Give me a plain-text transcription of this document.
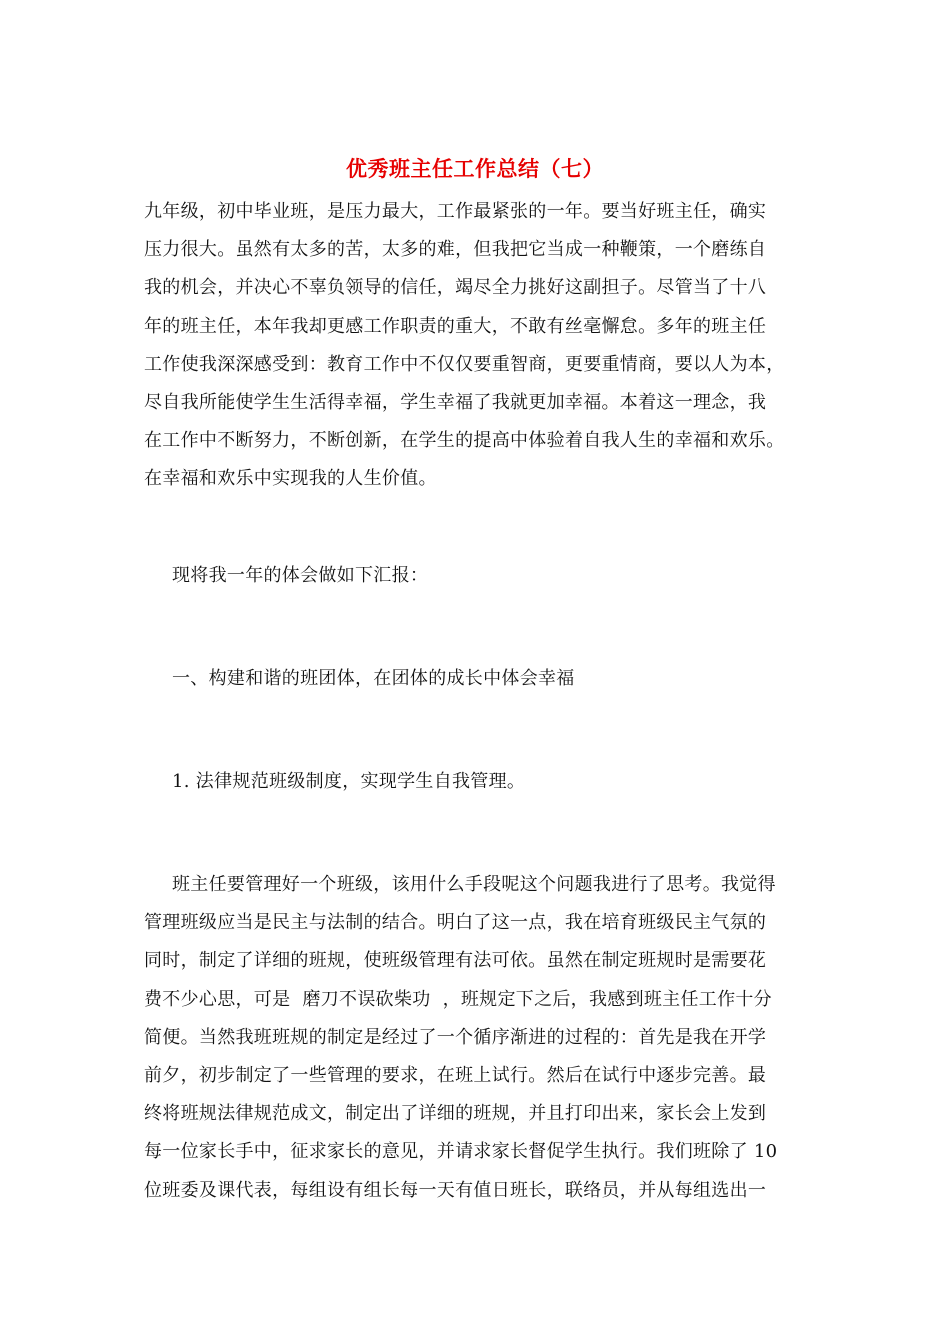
优秀班主任工作总结（七）
九年级，初中毕业班，是压力最大，工作最紧张的一年。要当好班主任，确实
压力很大。虽然有太多的苦，太多的难，但我把它当成一种鞭策，一个磨练自
我的机会，并决心不辜负领导的信任，竭尽全力挑好这副担子。尽管当了十八
年的班主任，本年我却更感工作职责的重大，不敢有丝毫懈怠。多年的班主任
工作使我深深感受到：教育工作中不仅仅要重智商，更要重情商，要以人为本，
尽自我所能使学生生活得幸福，学生幸福了我就更加幸福。本着这一理念，我
在工作中不断努力，不断创新，在学生的提高中体验着自我人生的幸福和欢乐。
在幸福和欢乐中实现我的人生价值。
现将我一年的体会做如下汇报：
一、构建和谐的班团体，在团体的成长中体会幸福
1. 法律规范班级制度，实现学生自我管理。
班主任要管理好一个班级，该用什么手段呢这个问题我进行了思考。我觉得
管理班级应当是民主与法制的结合。明白了这一点，我在培育班级民主气氛的
同时，制定了详细的班规，使班级管理有法可依。虽然在制定班规时是需要花
费不少心思，可是  磨刀不误砍柴功  ，班规定下之后，我感到班主任工作十分
简便。当然我班班规的制定是经过了一个循序渐进的过程的：首先是我在开学
前夕，初步制定了一些管理的要求，在班上试行。然后在试行中逐步完善。最
终将班规法律规范成文，制定出了详细的班规，并且打印出来，家长会上发到
每一位家长手中，征求家长的意见，并请求家长督促学生执行。我们班除了 10
位班委及课代表，每组设有组长每一天有值日班长，联络员，并从每组选出一
